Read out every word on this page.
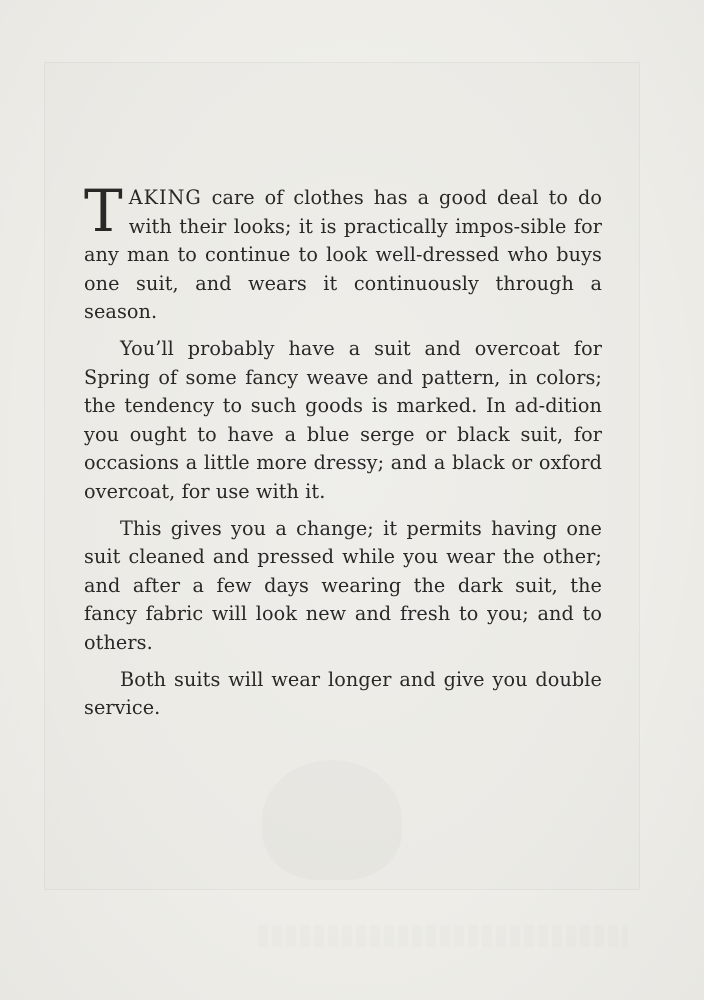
TAKING care of clothes has a good deal to do with their looks; it is practically impos-sible for any man to continue to look well-dressed who buys one suit, and wears it continuously through a season.

You’ll probably have a suit and overcoat for Spring of some fancy weave and pattern, in colors; the tendency to such goods is marked. In ad-dition you ought to have a blue serge or black suit, for occasions a little more dressy; and a black or oxford overcoat, for use with it.

This gives you a change; it permits having one suit cleaned and pressed while you wear the other; and after a few days wearing the dark suit, the fancy fabric will look new and fresh to you; and to others.

Both suits will wear longer and give you double service.
